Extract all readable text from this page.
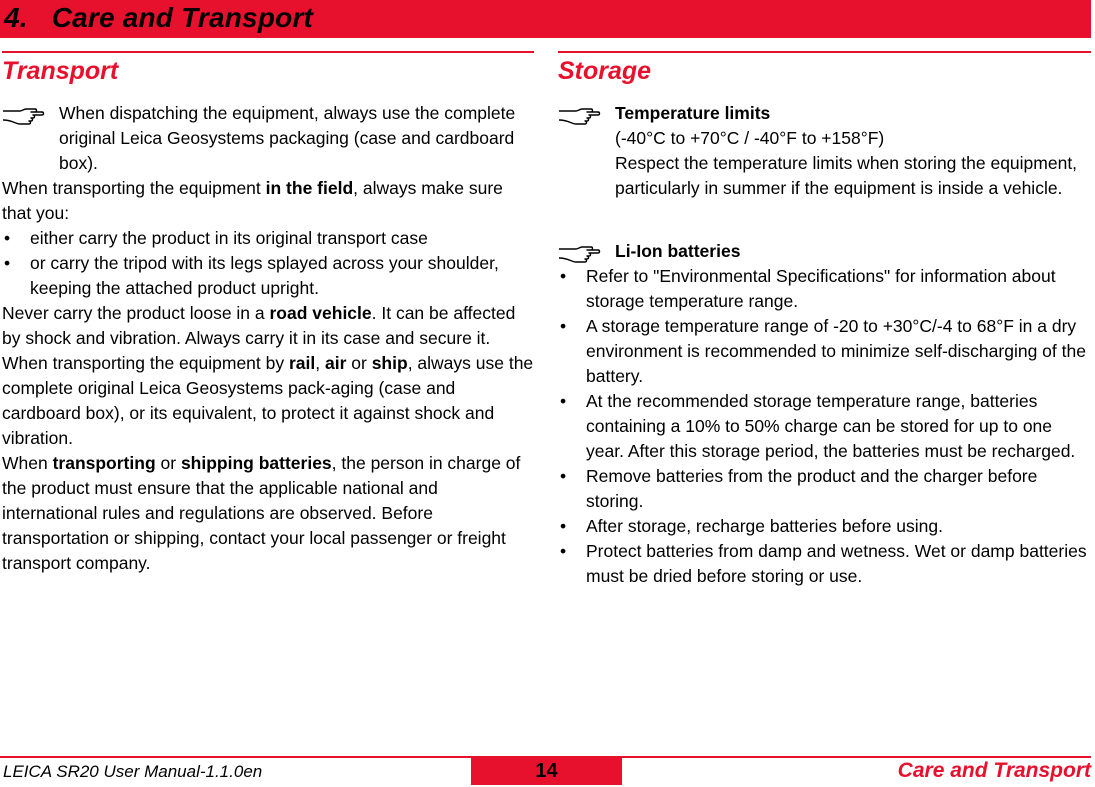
4.   Care and Transport
Transport

When dispatching the equipment, always use the complete original Leica Geosystems packaging (case and cardboard box).

When transporting the equipment in the field, always make sure that you:

• either carry the product in its original transport case
• or carry the tripod with its legs splayed across your shoulder, keeping the attached product upright.

Never carry the product loose in a road vehicle. It can be affected by shock and vibration. Always carry it in its case and secure it.

When transporting the equipment by rail, air or ship, always use the complete original Leica Geosystems pack-aging (case and cardboard box), or its equivalent, to protect it against shock and vibration.

When transporting or shipping batteries, the person in charge of the product must ensure that the applicable national and international rules and regulations are observed. Before transportation or shipping, contact your local passenger or freight transport company.

Storage

Temperature limits

(-40°C to +70°C / -40°F to +158°F)

Respect the temperature limits when storing the equipment, particularly in summer if the equipment is inside a vehicle.

Li-Ion batteries

• Refer to "Environmental Specifications" for information about storage temperature range.
• A storage temperature range of -20 to +30°C/-4 to 68°F in a dry environment is recommended to minimize self-discharging of the battery.
• At the recommended storage temperature range, batteries containing a 10% to 50% charge can be stored for up to one year. After this storage period, the batteries must be recharged.
• Remove batteries from the product and the charger before storing.
• After storage, recharge batteries before using.
• Protect batteries from damp and wetness. Wet or damp batteries must be dried before storing or use.
LEICA SR20 User Manual-1.1.0en	14	Care and Transport
